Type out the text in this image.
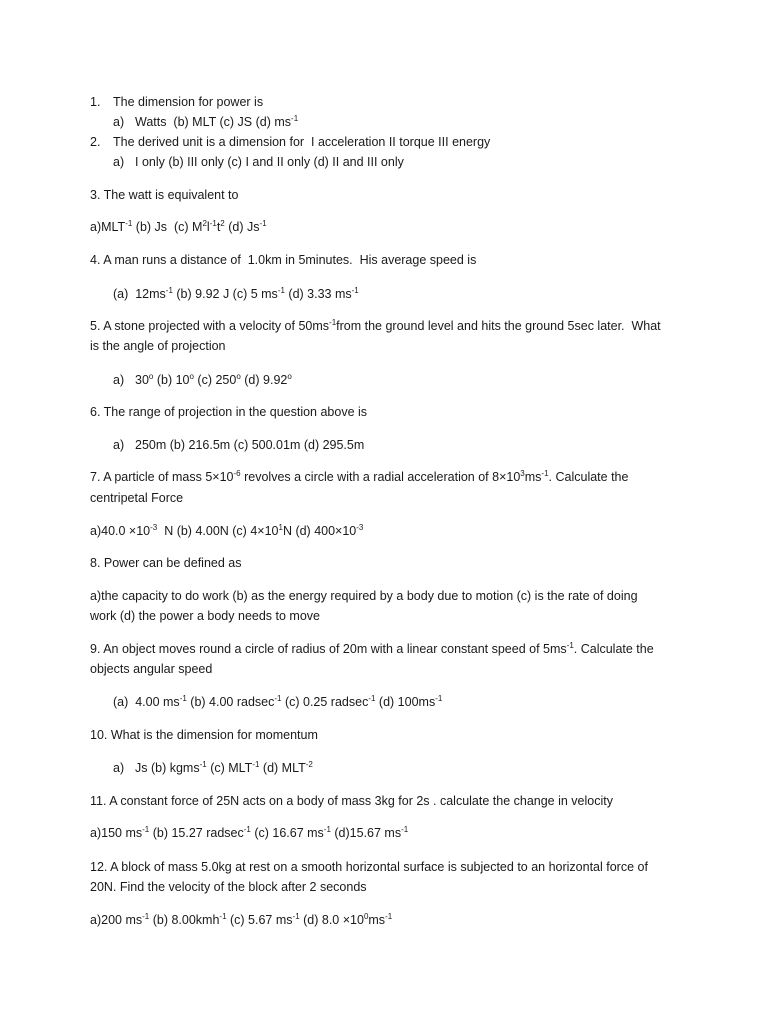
1. The dimension for power is
a) Watts  (b) MLT (c) JS (d) $ms^{-1}$
2. The derived unit is a dimension for  I acceleration II torque III energy
a) I only (b) III only (c) I and II only (d) II and III only
3. The watt is equivalent to
$a)MLT^{-1}$ (b) Js  (c) $M^2l^{-1}t^2$ (d) $Js^{-1}$
4. A man runs a distance of  1.0km in 5minutes.  His average speed is
(a)  $12ms^{-1}$ (b) 9.92 J (c) 5 $ms^{-1}$ (d) 3.33 $ms^{-1}$
5. A stone projected with a velocity of $50ms^{-1}from$ the ground level and hits the ground 5sec later.  What
is the angle of projection
a) 30$^o$ (b) 10$^o$ (c) 250$^o$ (d) 9.92$^o$
6. The range of projection in the question above is
a) 250m (b) 216.5m (c) 500.01m (d) 295.5m
7. A particle of mass $5\times 10^{-6}$ revolves a circle with a radial acceleration of $8\times 10^3ms^{-1}$. Calculate the
centripetal Force
$a)40.0 \times 10^{-3}$  N (b) 4.00N (c) $4\times 10^1N$ (d) $400\times 10^{-3}$
8. Power can be defined as
a)the capacity to do work (b) as the energy required by a body due to motion (c) is the rate of doing
work (d) the power a body needs to move
9. An object moves round a circle of radius of 20m with a linear constant speed of $5ms^{-1}$. Calculate the
objects angular speed
(a)  4.00 $ms^{-1}$ (b) 4.00 radsec$^{-1}$ (c) 0.25 radsec$^{-1}$ (d) $100ms^{-1}$
10. What is the dimension for momentum
a) Js (b) kgms$^{-1}$ (c) $MLT^{-1}$ (d) $MLT^{-2}$
11. A constant force of 25N acts on a body of mass 3kg for 2s . calculate the change in velocity
a)150 $ms^{-1}$ (b) 15.27 radsec$^{-1}$ (c) 16.67 $ms^{-1}$ (d)15.67 $ms^{-1}$
12. A block of mass 5.0kg at rest on a smooth horizontal surface is subjected to an horizontal force of
20N. Find the velocity of the block after 2 seconds
a)200 $ms^{-1}$ (b) 8.00kmh$^{-1}$ (c) 5.67 $ms^{-1}$ (d) $8.0 \times 10^0ms^{-1}$
